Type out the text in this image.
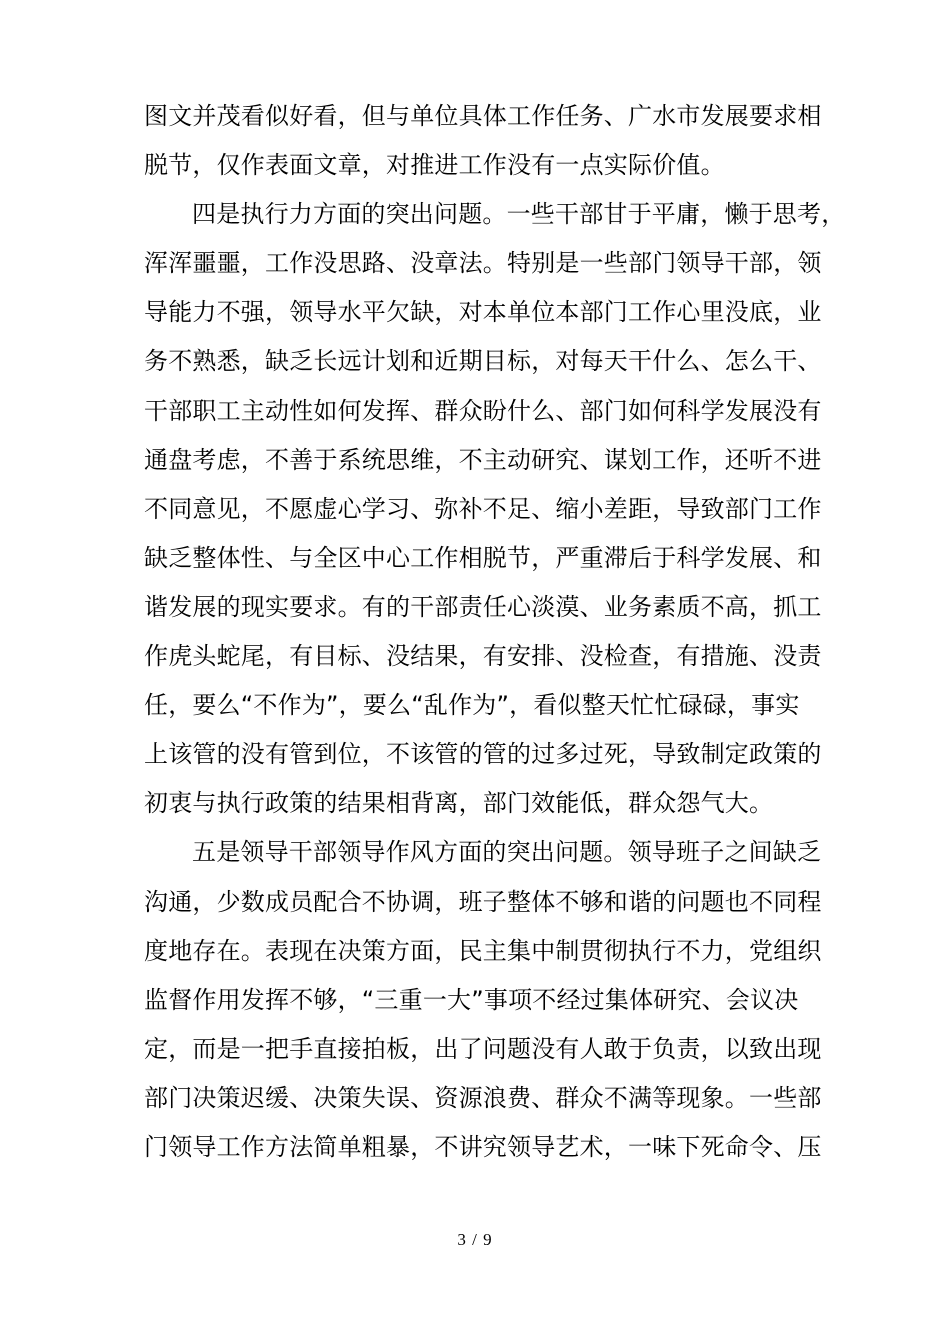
图文并茂看似好看，但与单位具体工作任务、广水市发展要求相
脱节，仅作表面文章，对推进工作没有一点实际价值。
四是执行力方面的突出问题。一些干部甘于平庸，懒于思考，
浑浑噩噩，工作没思路、没章法。特别是一些部门领导干部，领
导能力不强，领导水平欠缺，对本单位本部门工作心里没底，业
务不熟悉，缺乏长远计划和近期目标，对每天干什么、怎么干、
干部职工主动性如何发挥、群众盼什么、部门如何科学发展没有
通盘考虑，不善于系统思维，不主动研究、谋划工作，还听不进
不同意见，不愿虚心学习、弥补不足、缩小差距，导致部门工作
缺乏整体性、与全区中心工作相脱节，严重滞后于科学发展、和
谐发展的现实要求。有的干部责任心淡漠、业务素质不高，抓工
作虎头蛇尾，有目标、没结果，有安排、没检查，有措施、没责
任，要么“不作为”，要么“乱作为”，看似整天忙忙碌碌，事实
上该管的没有管到位，不该管的管的过多过死，导致制定政策的
初衷与执行政策的结果相背离，部门效能低，群众怨气大。
五是领导干部领导作风方面的突出问题。领导班子之间缺乏
沟通，少数成员配合不协调，班子整体不够和谐的问题也不同程
度地存在。表现在决策方面，民主集中制贯彻执行不力，党组织
监督作用发挥不够，“三重一大”事项不经过集体研究、会议决
定，而是一把手直接拍板，出了问题没有人敢于负责，以致出现
部门决策迟缓、决策失误、资源浪费、群众不满等现象。一些部
门领导工作方法简单粗暴，不讲究领导艺术，一味下死命令、压
3 / 9
